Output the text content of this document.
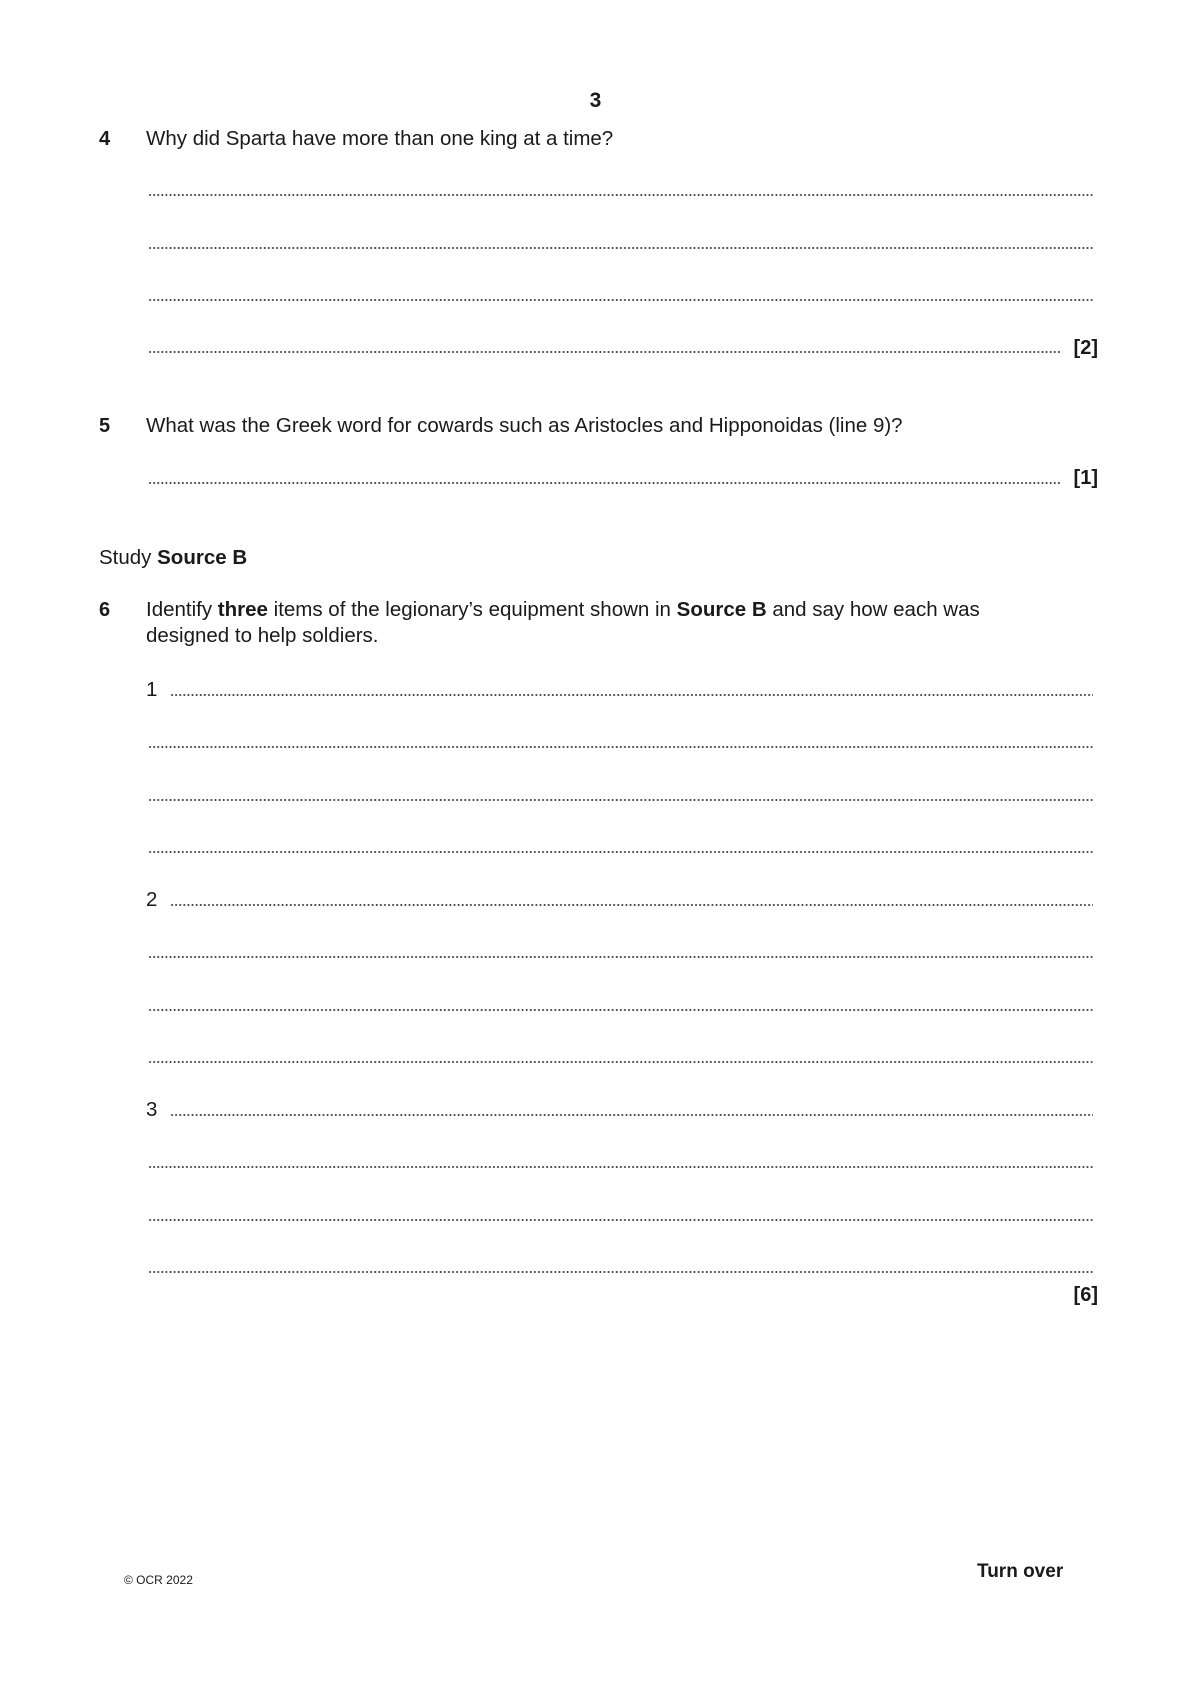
3
4 Why did Sparta have more than one king at a time?
[2]
5 What was the Greek word for cowards such as Aristocles and Hipponoidas (line 9)?
[1]
Study Source B
6 Identify three items of the legionary’s equipment shown in Source B and say how each was designed to help soldiers.
1
2
3
[6]
© OCR 2022	Turn over
